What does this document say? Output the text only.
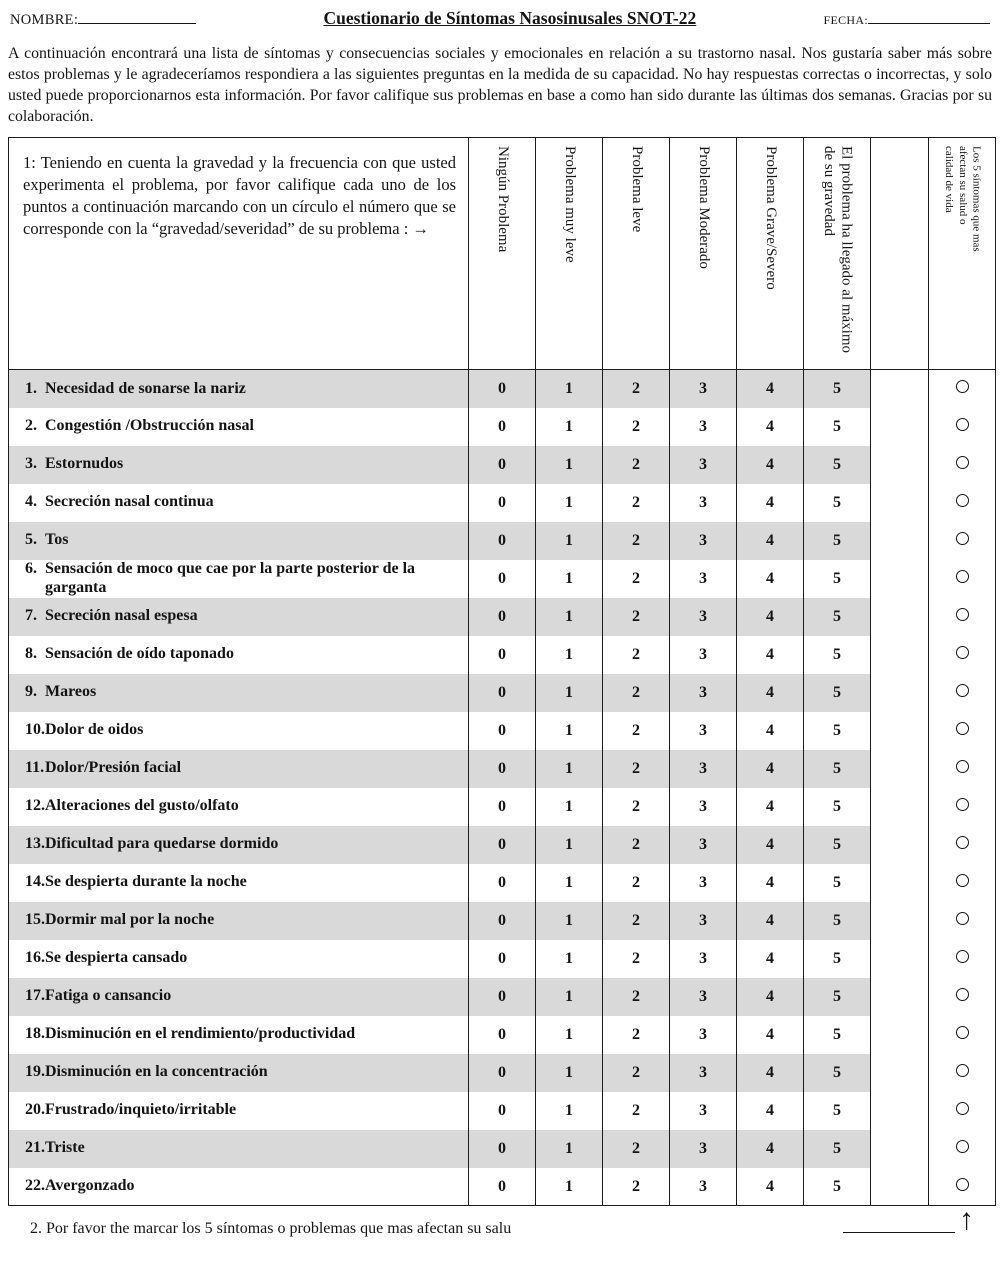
NOMBRE:	Cuestionario de Síntomas Nasosinusales SNOT-22	FECHA:

A continuación encontrará una lista de síntomas y consecuencias sociales y emocionales en relación a su trastorno nasal. Nos gustaría saber más sobre estos problemas y le agradeceríamos respondiera a las siguientes preguntas en la medida de su capacidad. No hay respuestas correctas o incorrectas, y solo usted puede proporcionarnos esta información. Por favor califique sus problemas en base a como han sido durante las últimas dos semanas. Gracias por su colaboración.

1: Teniendo en cuenta la gravedad y la frecuencia con que usted experimenta el problema, por favor califique cada uno de los puntos a continuación marcando con un círculo el número que se corresponde con la “gravedad/severidad” de su problema : →	Ningún Problema	Problema muy leve	Problema leve	Problema Moderado	Problema Grave/Severo	El problema ha llegado al máximo de su gravedad		Los 5 síntomas que mas afectan su salud o calidad de vida
1. Necesidad de sonarse la nariz	0	1	2	3	4	5		
2. Congestión /Obstrucción nasal	0	1	2	3	4	5		
3. Estornudos	0	1	2	3	4	5		
4. Secreción nasal continua	0	1	2	3	4	5		
5. Tos	0	1	2	3	4	5		
6. Sensación de moco que cae por la parte posterior de la garganta	0	1	2	3	4	5		
7. Secreción nasal espesa	0	1	2	3	4	5		
8. Sensación de oído taponado	0	1	2	3	4	5		
9. Mareos	0	1	2	3	4	5		
10.Dolor de oidos	0	1	2	3	4	5		
11.Dolor/Presión facial	0	1	2	3	4	5		
12.Alteraciones del gusto/olfato	0	1	2	3	4	5		
13.Dificultad para quedarse dormido	0	1	2	3	4	5		
14.Se despierta durante la noche	0	1	2	3	4	5		
15.Dormir mal por la noche	0	1	2	3	4	5		
16.Se despierta cansado	0	1	2	3	4	5		
17.Fatiga o cansancio	0	1	2	3	4	5		
18.Disminución en el rendimiento/productividad	0	1	2	3	4	5		
19.Disminución en la concentración	0	1	2	3	4	5		
20.Frustrado/inquieto/irritable	0	1	2	3	4	5		
21.Triste	0	1	2	3	4	5		
22.Avergonzado	0	1	2	3	4	5		
2. Por favor the marcar los 5 síntomas o problemas que mas afectan su salu	↑
